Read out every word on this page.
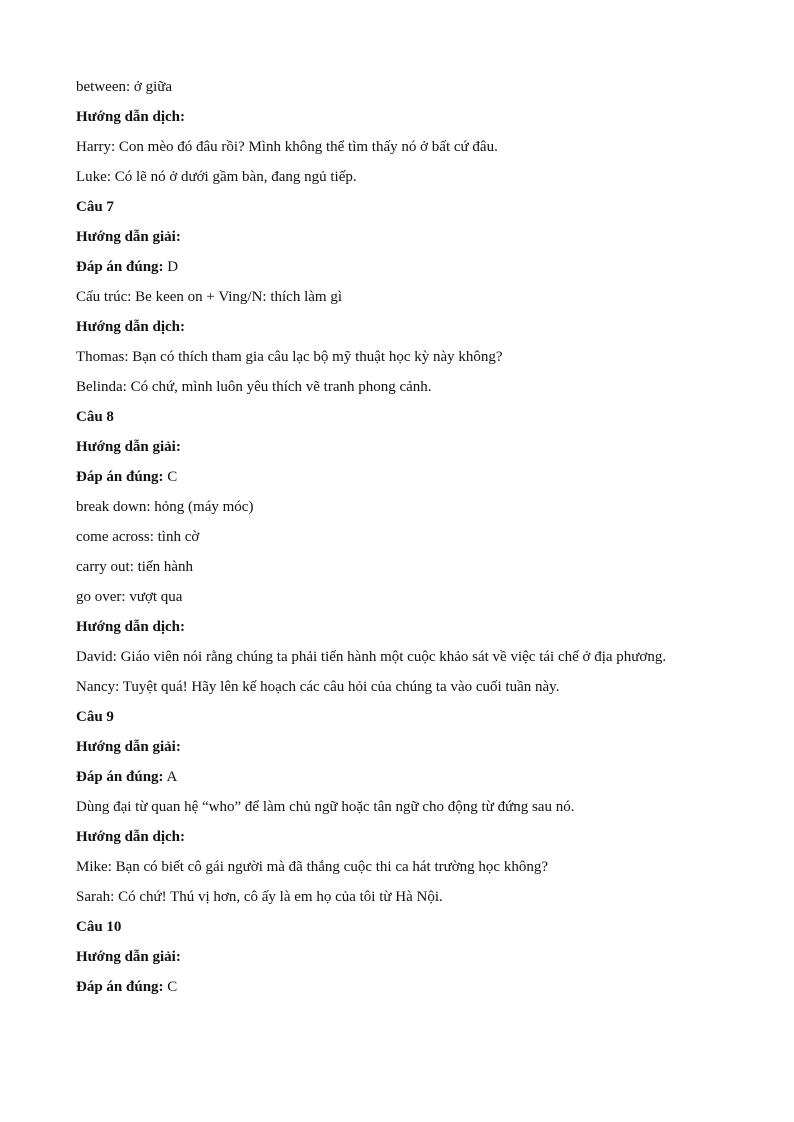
between: ở giữa
Hướng dẫn dịch:
Harry: Con mèo đó đâu rồi? Mình không thể tìm thấy nó ở bất cứ đâu.
Luke: Có lẽ nó ở dưới gầm bàn, đang ngủ tiếp.
Câu 7
Hướng dẫn giải:
Đáp án đúng: D
Cấu trúc: Be keen on + Ving/N: thích làm gì
Hướng dẫn dịch:
Thomas: Bạn có thích tham gia câu lạc bộ mỹ thuật học kỳ này không?
Belinda: Có chứ, mình luôn yêu thích vẽ tranh phong cảnh.
Câu 8
Hướng dẫn giải:
Đáp án đúng: C
break down: hỏng (máy móc)
come across: tình cờ
carry out: tiến hành
go over: vượt qua
Hướng dẫn dịch:
David: Giáo viên nói rằng chúng ta phải tiến hành một cuộc khảo sát về việc tái chế ở địa phương.
Nancy: Tuyệt quá! Hãy lên kế hoạch các câu hỏi của chúng ta vào cuối tuần này.
Câu 9
Hướng dẫn giải:
Đáp án đúng: A
Dùng đại từ quan hệ “who” để làm chủ ngữ hoặc tân ngữ cho động từ đứng sau nó.
Hướng dẫn dịch:
Mike: Bạn có biết cô gái người mà đã thắng cuộc thi ca hát trường học không?
Sarah: Có chứ! Thú vị hơn, cô ấy là em họ của tôi từ Hà Nội.
Câu 10
Hướng dẫn giải:
Đáp án đúng: C
